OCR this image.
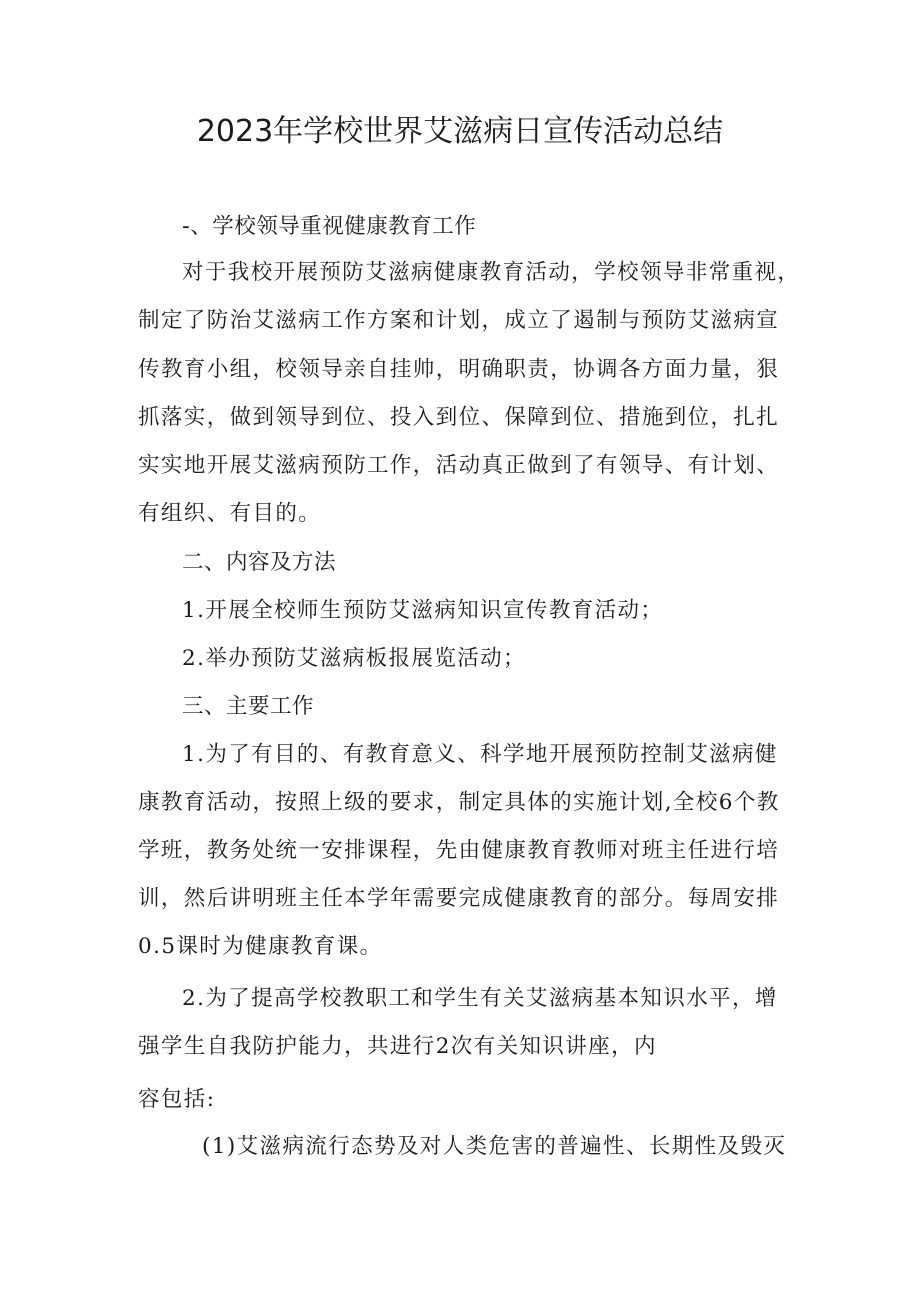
2023年学校世界艾滋病日宣传活动总结

-、学校领导重视健康教育工作

对于我校开展预防艾滋病健康教育活动，学校领导非常重视，

制定了防治艾滋病工作方案和计划，成立了遏制与预防艾滋病宣

传教育小组，校领导亲自挂帅，明确职责，协调各方面力量，狠

抓落实，做到领导到位、投入到位、保障到位、措施到位，扎扎

实实地开展艾滋病预防工作，活动真正做到了有领导、有计划、

有组织、有目的。

二、内容及方法

1.开展全校师生预防艾滋病知识宣传教育活动；

2.举办预防艾滋病板报展览活动；

三、主要工作

1.为了有目的、有教育意义、科学地开展预防控制艾滋病健

康教育活动，按照上级的要求，制定具体的实施计划,全校6个教

学班，教务处统一安排课程，先由健康教育教师对班主任进行培

训，然后讲明班主任本学年需要完成健康教育的部分。每周安排

0.5课时为健康教育课。

2.为了提高学校教职工和学生有关艾滋病基本知识水平，增

强学生自我防护能力，共进行2次有关知识讲座，内

容包括:

(1)艾滋病流行态势及对人类危害的普遍性、长期性及毁灭
